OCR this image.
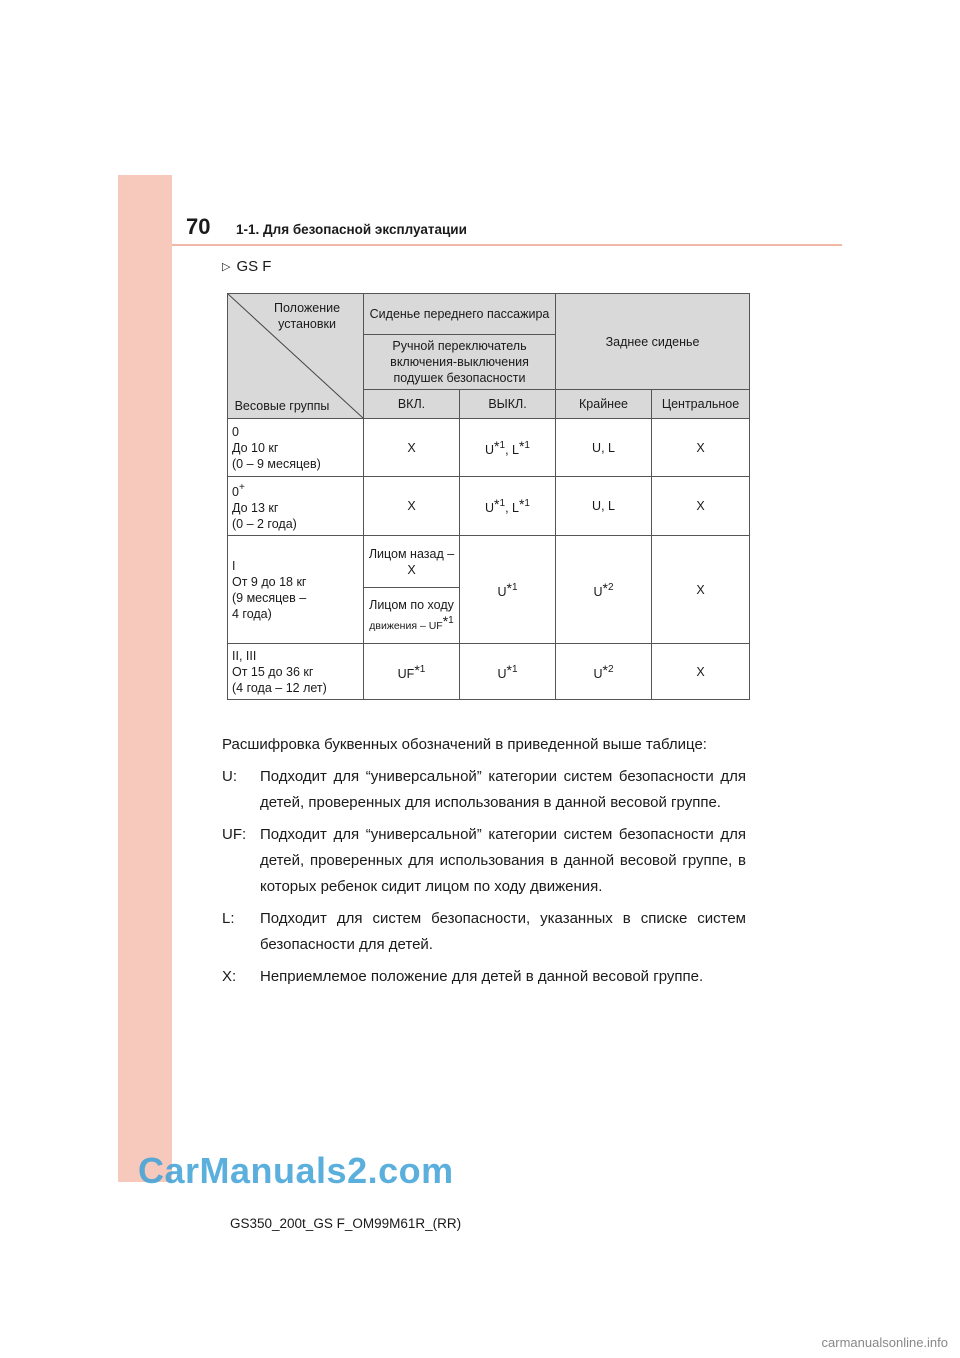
70 1-1. Для безопасной эксплуатации
▷ GS F
Положение установки
Весовые группы	Сиденье переднего пассажира		Заднее сиденье	
	Ручной переключатель включения-выключения подушек безопасности			
	ВКЛ.	ВЫКЛ.	Крайнее	Центральное

0
До 10 кг
(0 – 9 месяцев)	X	U*$^1$, L*$^1$	U, L	X

0+
До 13 кг
(0 – 2 года)	X	U*$^1$, L*$^1$	U, L	X

I
От 9 до 18 кг
(9 месяцев –
4 года)	Лицом назад – X	U*$^1$	U*$^2$	X

	Лицом по ходу
движения – UF*$^1$

II, III
От 15 до 36 кг
(4 года – 12 лет)	UF*$^1$	U*$^1$	U*$^2$	X
Расшифровка буквенных обозначений в приведенной выше таблице:
U:	Подходит для “универсальной” категории систем безопасности для детей, проверенных для использования в данной весовой группе.
UF: Подходит для “универсальной” категории систем безопасности для детей, проверенных для использования в данной весовой группе, в которых ребенок сидит лицом по ходу движения.
L:	Подходит для систем безопасности, указанных в списке систем безопасности для детей.
X:	Неприемлемое положение для детей в данной весовой группе.
CarManuals2.com
GS350_200t_GS F_OM99M61R_(RR)
carmanualsonline.info
